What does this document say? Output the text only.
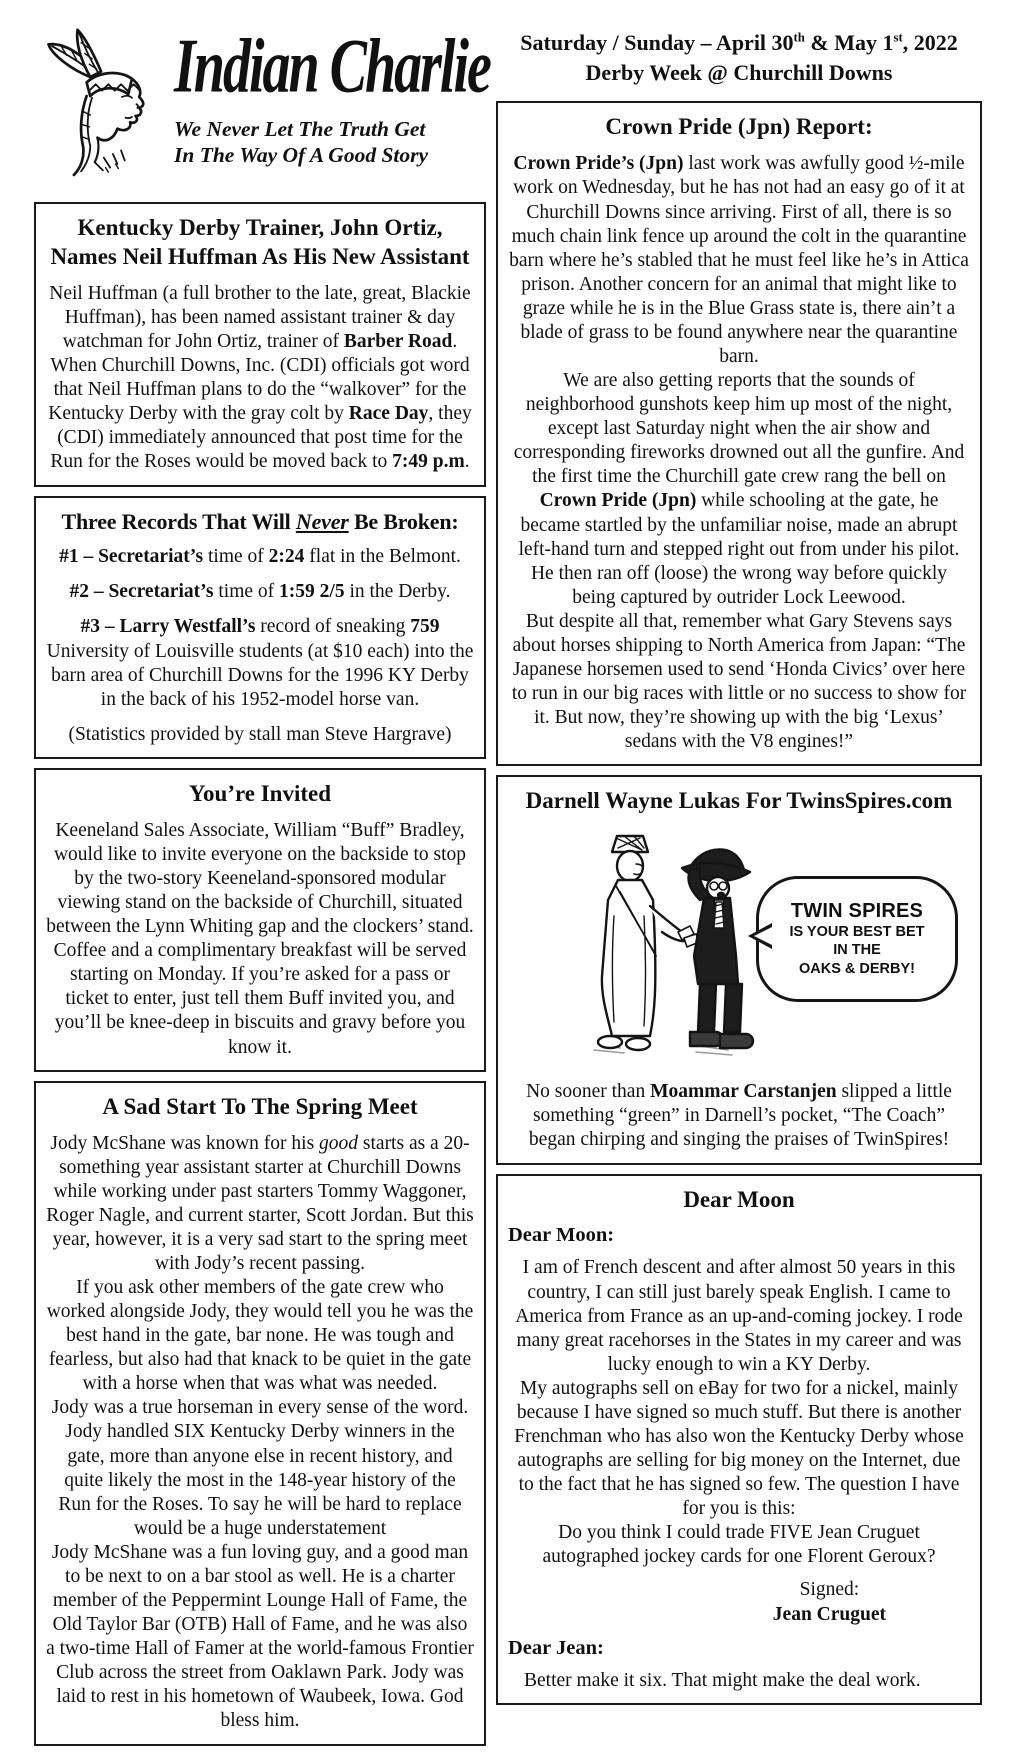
Indian Charlie
We Never Let The Truth Get
In The Way Of A Good Story
Kentucky Derby Trainer, John Ortiz,
Names Neil Huffman As His New Assistant
Neil Huffman (a full brother to the late, great, Blackie Huffman), has been named assistant trainer & day watchman for John Ortiz, trainer of Barber Road. When Churchill Downs, Inc. (CDI) officials got word that Neil Huffman plans to do the “walkover” for the Kentucky Derby with the gray colt by Race Day, they (CDI) immediately announced that post time for the Run for the Roses would be moved back to 7:49 p.m.
Three Records That Will Never Be Broken:
#1 – Secretariat’s time of 2:24 flat in the Belmont.
#2 – Secretariat’s time of 1:59 2/5 in the Derby.
#3 – Larry Westfall’s record of sneaking 759 University of Louisville students (at $10 each) into the barn area of Churchill Downs for the 1996 KY Derby in the back of his 1952-model horse van.
(Statistics provided by stall man Steve Hargrave)
You’re Invited
Keeneland Sales Associate, William “Buff” Bradley, would like to invite everyone on the backside to stop by the two-story Keeneland-sponsored modular viewing stand on the backside of Churchill, situated between the Lynn Whiting gap and the clockers’ stand. Coffee and a complimentary breakfast will be served starting on Monday. If you’re asked for a pass or ticket to enter, just tell them Buff invited you, and you’ll be knee-deep in biscuits and gravy before you know it.
A Sad Start To The Spring Meet
Jody McShane was known for his good starts as a 20-something year assistant starter at Churchill Downs while working under past starters Tommy Waggoner, Roger Nagle, and current starter, Scott Jordan. But this year, however, it is a very sad start to the spring meet with Jody’s recent passing.
If you ask other members of the gate crew who worked alongside Jody, they would tell you he was the best hand in the gate, bar none. He was tough and fearless, but also had that knack to be quiet in the gate with a horse when that was what was needed.
Jody was a true horseman in every sense of the word. Jody handled SIX Kentucky Derby winners in the gate, more than anyone else in recent history, and quite likely the most in the 148-year history of the Run for the Roses. To say he will be hard to replace would be a huge understatement
Jody McShane was a fun loving guy, and a good man to be next to on a bar stool as well. He is a charter member of the Peppermint Lounge Hall of Fame, the Old Taylor Bar (OTB) Hall of Fame, and he was also a two-time Hall of Famer at the world-famous Frontier Club across the street from Oaklawn Park. Jody was laid to rest in his hometown of Waubeek, Iowa. God bless him.
Saturday / Sunday – April 30th & May 1st, 2022
Derby Week @ Churchill Downs
Crown Pride (Jpn) Report:
Crown Pride’s (Jpn) last work was awfully good ½-mile work on Wednesday, but he has not had an easy go of it at Churchill Downs since arriving. First of all, there is so much chain link fence up around the colt in the quarantine barn where he’s stabled that he must feel like he’s in Attica prison. Another concern for an animal that might like to graze while he is in the Blue Grass state is, there ain’t a blade of grass to be found anywhere near the quarantine barn.
We are also getting reports that the sounds of neighborhood gunshots keep him up most of the night, except last Saturday night when the air show and corresponding fireworks drowned out all the gunfire. And the first time the Churchill gate crew rang the bell on Crown Pride (Jpn) while schooling at the gate, he became startled by the unfamiliar noise, made an abrupt left-hand turn and stepped right out from under his pilot. He then ran off (loose) the wrong way before quickly being captured by outrider Lock Leewood.
But despite all that, remember what Gary Stevens says about horses shipping to North America from Japan: “The Japanese horsemen used to send ‘Honda Civics’ over here to run in our big races with little or no success to show for it. But now, they’re showing up with the big ‘Lexus’ sedans with the V8 engines!”
Darnell Wayne Lukas For TwinsSpires.com
TWIN SPIRES
IS YOUR BEST BET
IN THE
OAKS & DERBY!
No sooner than Moammar Carstanjen slipped a little something “green” in Darnell’s pocket, “The Coach” began chirping and singing the praises of TwinSpires!
Dear Moon
Dear Moon:
I am of French descent and after almost 50 years in this country, I can still just barely speak English. I came to America from France as an up-and-coming jockey. I rode many great racehorses in the States in my career and was lucky enough to win a KY Derby.
My autographs sell on eBay for two for a nickel, mainly because I have signed so much stuff. But there is another Frenchman who has also won the Kentucky Derby whose autographs are selling for big money on the Internet, due to the fact that he has signed so few. The question I have for you is this:
Do you think I could trade FIVE Jean Cruguet autographed jockey cards for one Florent Geroux?
Signed:
Jean Cruguet
Dear Jean:
Better make it six. That might make the deal work.
